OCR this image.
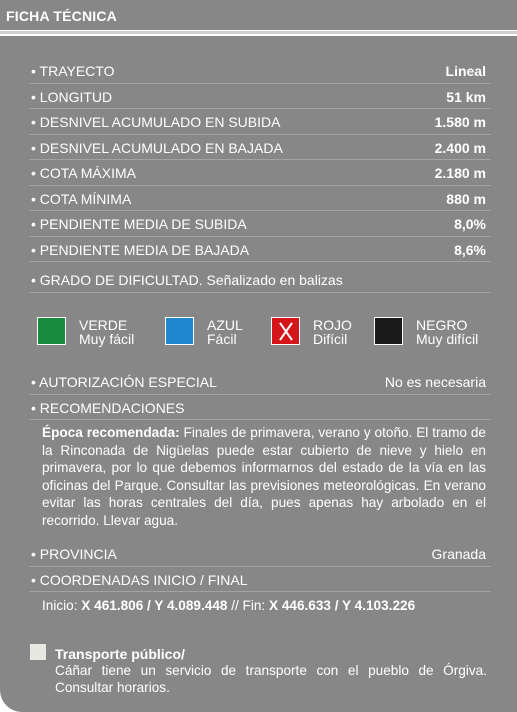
FICHA TÉCNICA
• TRAYECTO	Lineal
• LONGITUD	51 km
• DESNIVEL ACUMULADO EN SUBIDA	1.580 m
• DESNIVEL ACUMULADO EN BAJADA	2.400 m
• COTA MÁXIMA	2.180 m
• COTA MÍNIMA	880 m
• PENDIENTE MEDIA DE SUBIDA	8,0%
• PENDIENTE MEDIA DE BAJADA	8,6%
• GRADO DE DIFICULTAD. Señalizado en balizas
VERDE
Muy fácil
AZUL
Fácil
ROJO
Difícil
NEGRO
Muy difícil
• AUTORIZACIÓN ESPECIAL	No es necesaria
• RECOMENDACIONES
Época recomendada: Finales de primavera, verano y otoño. El tramo de la Rinconada de Nigüelas puede estar cubierto de nieve y hielo en primavera, por lo que debemos informarnos del estado de la vía en las oficinas del Parque. Consultar las previsiones meteorológicas. En verano evitar las horas centrales del día, pues apenas hay arbolado en el recorrido. Llevar agua.
• PROVINCIA	Granada
• COORDENADAS INICIO / FINAL
Inicio: X 461.806 / Y 4.089.448 // Fin: X 446.633 / Y 4.103.226
Transporte público/
Cáñar tiene un servicio de transporte con el pueblo de Órgiva. Consultar horarios.
